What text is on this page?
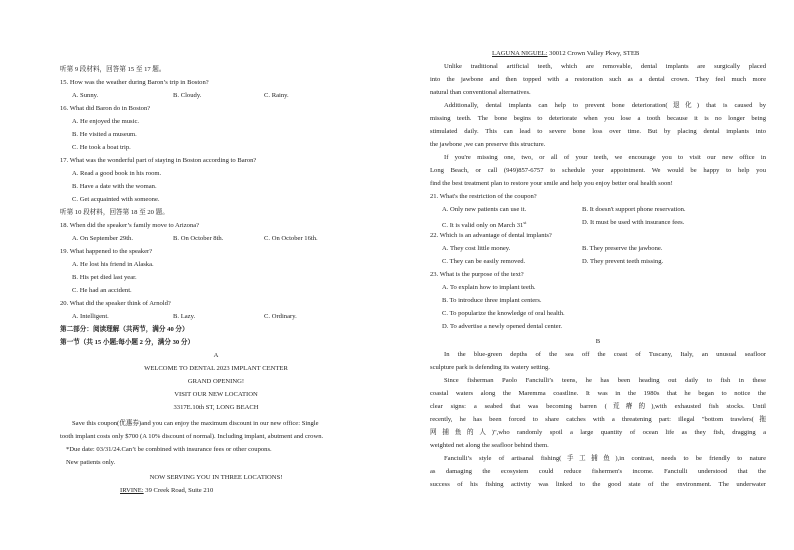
听第 9 段材料，回答第 15 至 17 题。
15. How was the weather during Baron’s trip in Boston?
A. Sunny.	B. Cloudy.	C. Rainy.
16. What did Baron do in Boston?
A. He enjoyed the music.
B. He visited a museum.
C. He took a boat trip.
17. What was the wonderful part of staying in Boston according to Baron?
A. Read a good book in his room.
B. Have a date with the woman.
C. Get acquainted with someone.
听第 10 段材料，回答第 18 至 20 题。
18. When did the speaker’s family move to Arizona?
A. On September 29th.	B. On October 8th.	C. On October 16th.
19. What happened to the speaker?
A. He lost his friend in Alaska.
B. His pet died last year.
C. He had an accident.
20. What did the speaker think of Arnold?
A. Intelligent.	B. Lazy.	C. Ordinary.
第二部分：阅读理解（共两节，满分 40 分）
第一节（共 15 小题;每小题 2 分，满分 30 分）
A
WELCOME TO DENTAL 2023 IMPLANT CENTER
GRAND OPENING!
VISIT OUR NEW LOCATION
3317E.10th ST, LONG BEACH
Save this coupon(优惠券)and you can enjoy the maximum discount in our new office: Single
tooth implant costs only $700 (A 10% discount of normal). Including implant, abutment and crown.
*Due date: 03/31/24.Can’t be combined with insurance fees or other coupons.
New patients only.
NOW SERVING YOU IN THREE LOCATIONS!
IRVINE: 39 Creek Road, Suite 210
LAGUNA NIGUEL: 30012 Crown Valley Pkwy, STEB
Unlike traditional artificial teeth, which are removable, dental implants are surgically placed
into the jawbone and then topped with a restoration such as a dental crown. They feel much more
natural than conventional alternatives.
Additionally, dental implants can help to prevent bone deterioration(退化) that is caused by
missing teeth. The bone begins to deteriorate when you lose a tooth because it is no longer being
stimulated daily. This can lead to severe bone loss over time. But by placing dental implants into
the jawbone ,we can preserve this structure.
If you're missing one, two, or all of your teeth, we encourage you to visit our new office in
Long Beach, or call (949)857-6757 to schedule your appointment. We would be happy to help you
find the best treatment plan to restore your smile and help you enjoy better oral health soon!
21. What's the restriction of the coupon?
A. Only new patients can use it.	B. It doesn't support phone reservation.
C. It is valid only on March 31st	D. It must be used with insurance fees.
22. Which is an advantage of dental implants?
A. They cost little money.	B. They preserve the jawbone.
C. They can be easily removed.	D. They prevent teeth missing.
23. What is the purpose of the text?
A. To explain how to implant teeth.
B. To introduce three implant centers.
C. To popularize the knowledge of oral health.
D. To advertise a newly opened dental center.
B
In the blue-green depths of the sea off the coast of Tuscany, Italy, an unusual seafloor
sculpture park is defending its watery setting.
Since fisherman Paolo Fanciulli’s teens, he has been heading out daily to fish in these
coastal waters along the Maremma coastline. It was in the 1980s that he began to notice the
clear signs: a seabed that was becoming barren (荒瘠的),with exhausted fish stocks. Until
recently, he has been forced to share catches with a threatening part: illegal "bottom trawlers(拖
网捕鱼的人)",who randomly spoil a large quantity of ocean life as they fish, dragging a
weighted net along the seafloor behind them.
Fanciulli’s style of artisanal fishing(手工捕鱼),in contrast, needs to be friendly to nature
as damaging the ecosystem could reduce fishermen's income. Fanciulli understood that the
success of his fishing activity was linked to the good state of the environment. The underwater
